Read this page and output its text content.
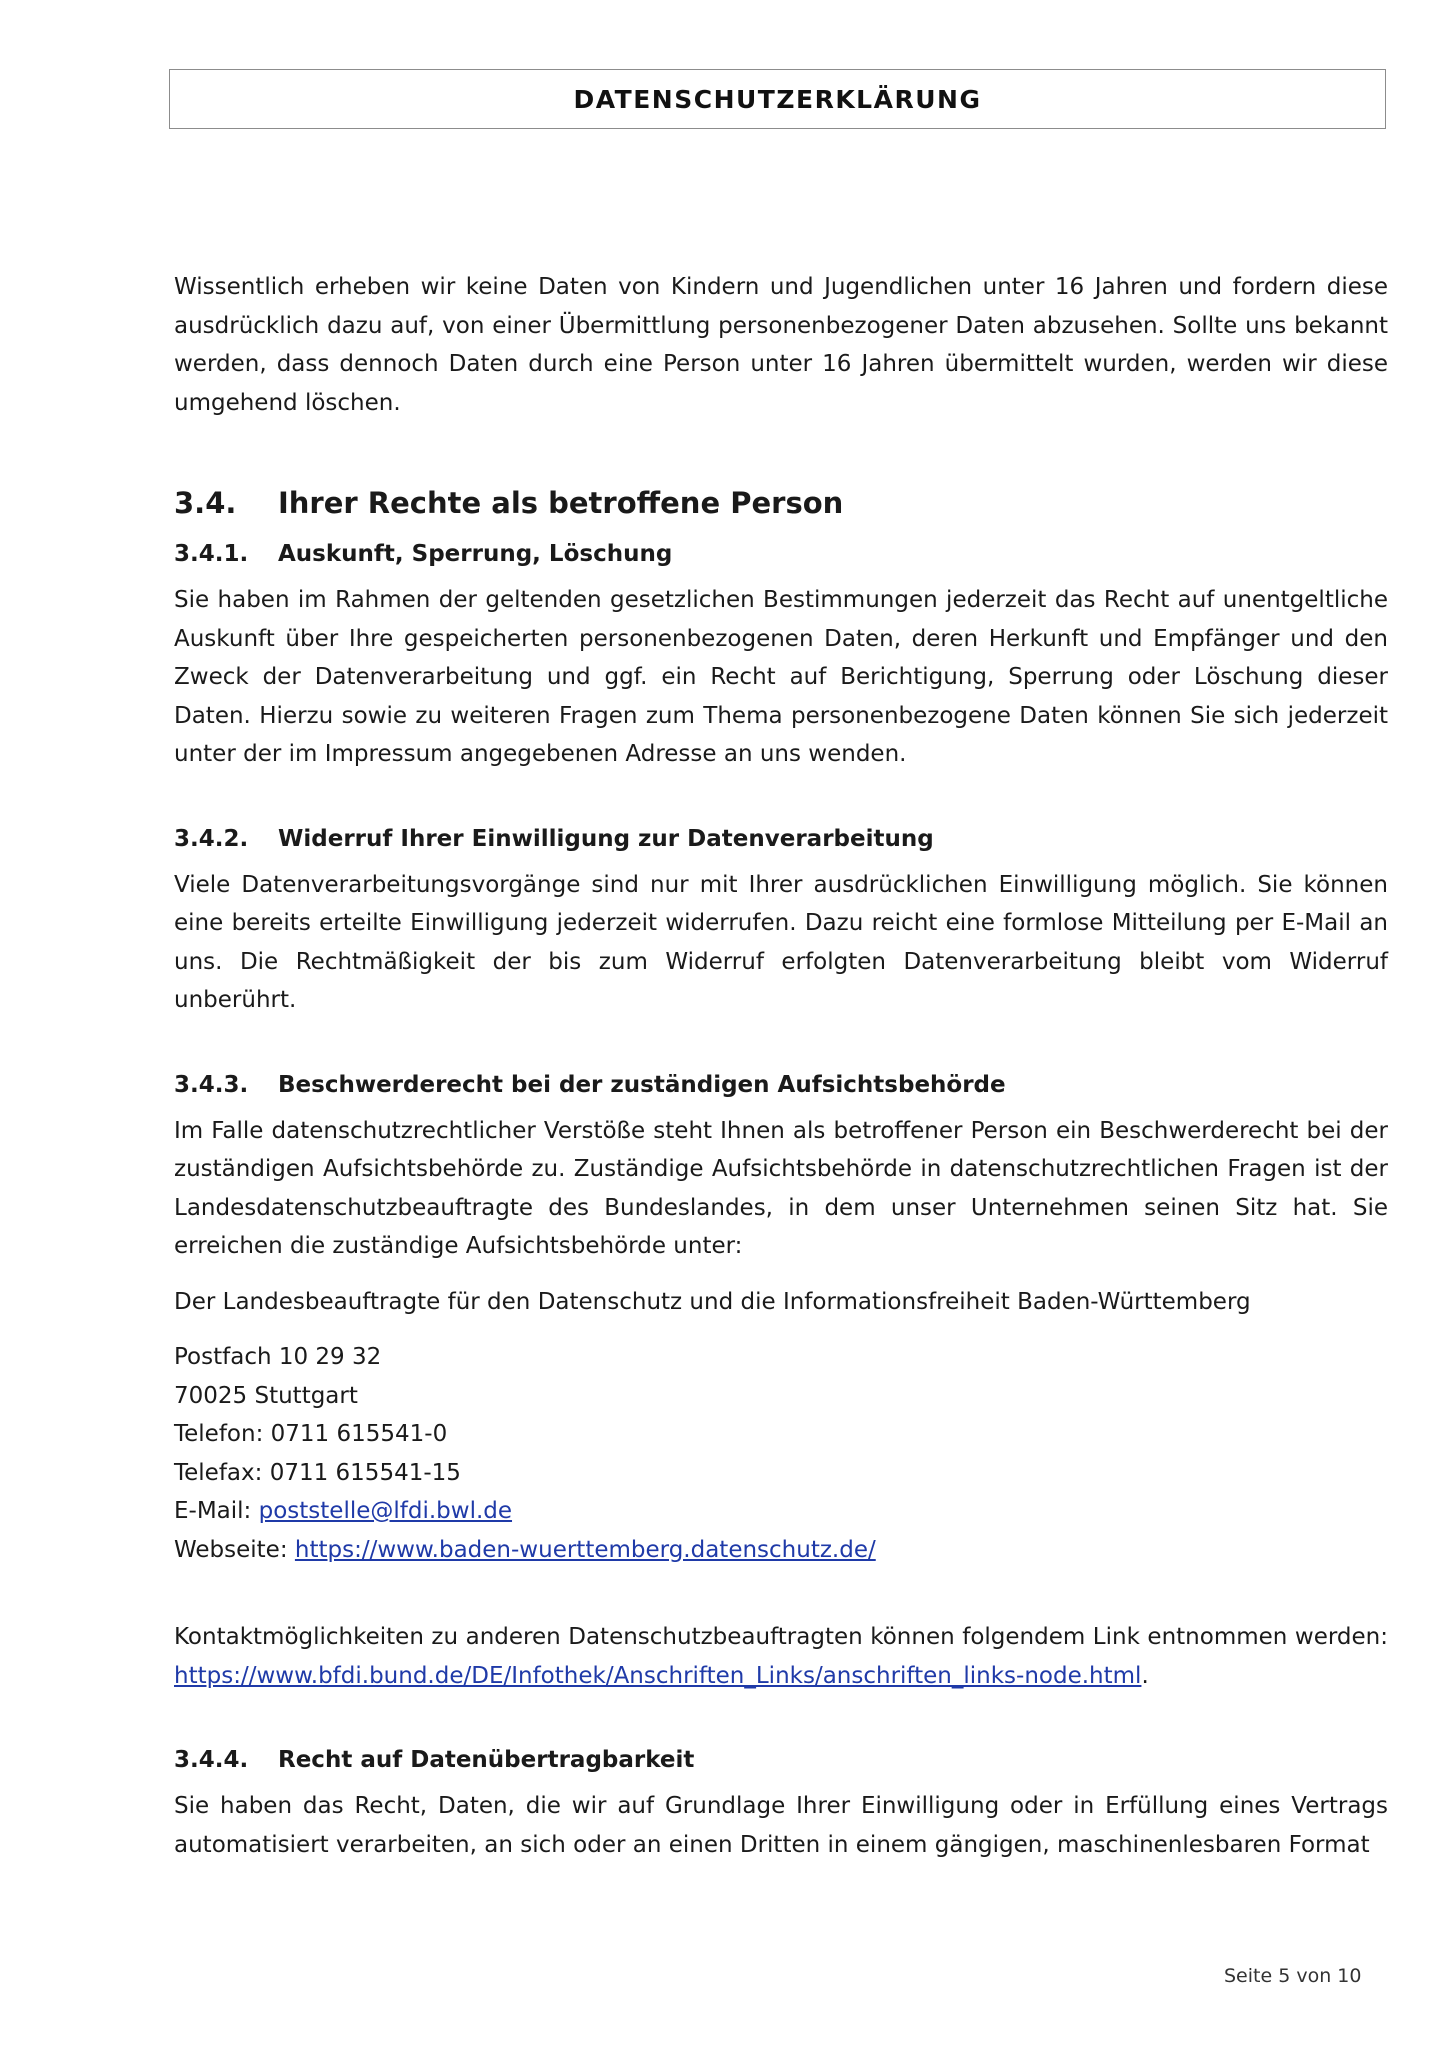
DATENSCHUTZERKLÄRUNG

Wissentlich erheben wir keine Daten von Kindern und Jugendlichen unter 16 Jahren und fordern diese ausdrücklich dazu auf, von einer Übermittlung personenbezogener Daten abzusehen. Sollte uns bekannt werden, dass dennoch Daten durch eine Person unter 16 Jahren übermittelt wurden, werden wir diese umgehend löschen.

3.4.	Ihrer Rechte als betroffene Person
3.4.1.	Auskunft, Sperrung, Löschung

Sie haben im Rahmen der geltenden gesetzlichen Bestimmungen jederzeit das Recht auf unentgeltliche Auskunft über Ihre gespeicherten personenbezogenen Daten, deren Herkunft und Empfänger und den Zweck der Datenverarbeitung und ggf. ein Recht auf Berichtigung, Sperrung oder Löschung dieser Daten. Hierzu sowie zu weiteren Fragen zum Thema personenbezogene Daten können Sie sich jederzeit unter der im Impressum angegebenen Adresse an uns wenden.

3.4.2.	Widerruf Ihrer Einwilligung zur Datenverarbeitung

Viele Datenverarbeitungsvorgänge sind nur mit Ihrer ausdrücklichen Einwilligung möglich. Sie können eine bereits erteilte Einwilligung jederzeit widerrufen. Dazu reicht eine formlose Mitteilung per E-Mail an uns. Die Rechtmäßigkeit der bis zum Widerruf erfolgten Datenverarbeitung bleibt vom Widerruf unberührt.

3.4.3.	Beschwerderecht bei der zuständigen Aufsichtsbehörde

Im Falle datenschutzrechtlicher Verstöße steht Ihnen als betroffener Person ein Beschwerderecht bei der zuständigen Aufsichtsbehörde zu. Zuständige Aufsichtsbehörde in datenschutzrechtlichen Fragen ist der Landesdatenschutzbeauftragte des Bundeslandes, in dem unser Unternehmen seinen Sitz hat. Sie erreichen die zuständige Aufsichtsbehörde unter:

Der Landesbeauftragte für den Datenschutz und die Informationsfreiheit Baden-Württemberg

Postfach 10 29 32
70025 Stuttgart
Telefon: 0711 615541-0
Telefax: 0711 615541-15
E-Mail: poststelle@lfdi.bwl.de
Webseite: https://www.baden-wuerttemberg.datenschutz.de/

Kontaktmöglichkeiten zu anderen Datenschutzbeauftragten können folgendem Link entnommen werden: https://www.bfdi.bund.de/DE/Infothek/Anschriften_Links/anschriften_links-node.html.

3.4.4.	Recht auf Datenübertragbarkeit

Sie haben das Recht, Daten, die wir auf Grundlage Ihrer Einwilligung oder in Erfüllung eines Vertrags automatisiert verarbeiten, an sich oder an einen Dritten in einem gängigen, maschinenlesbaren Format

Seite 5 von 10
